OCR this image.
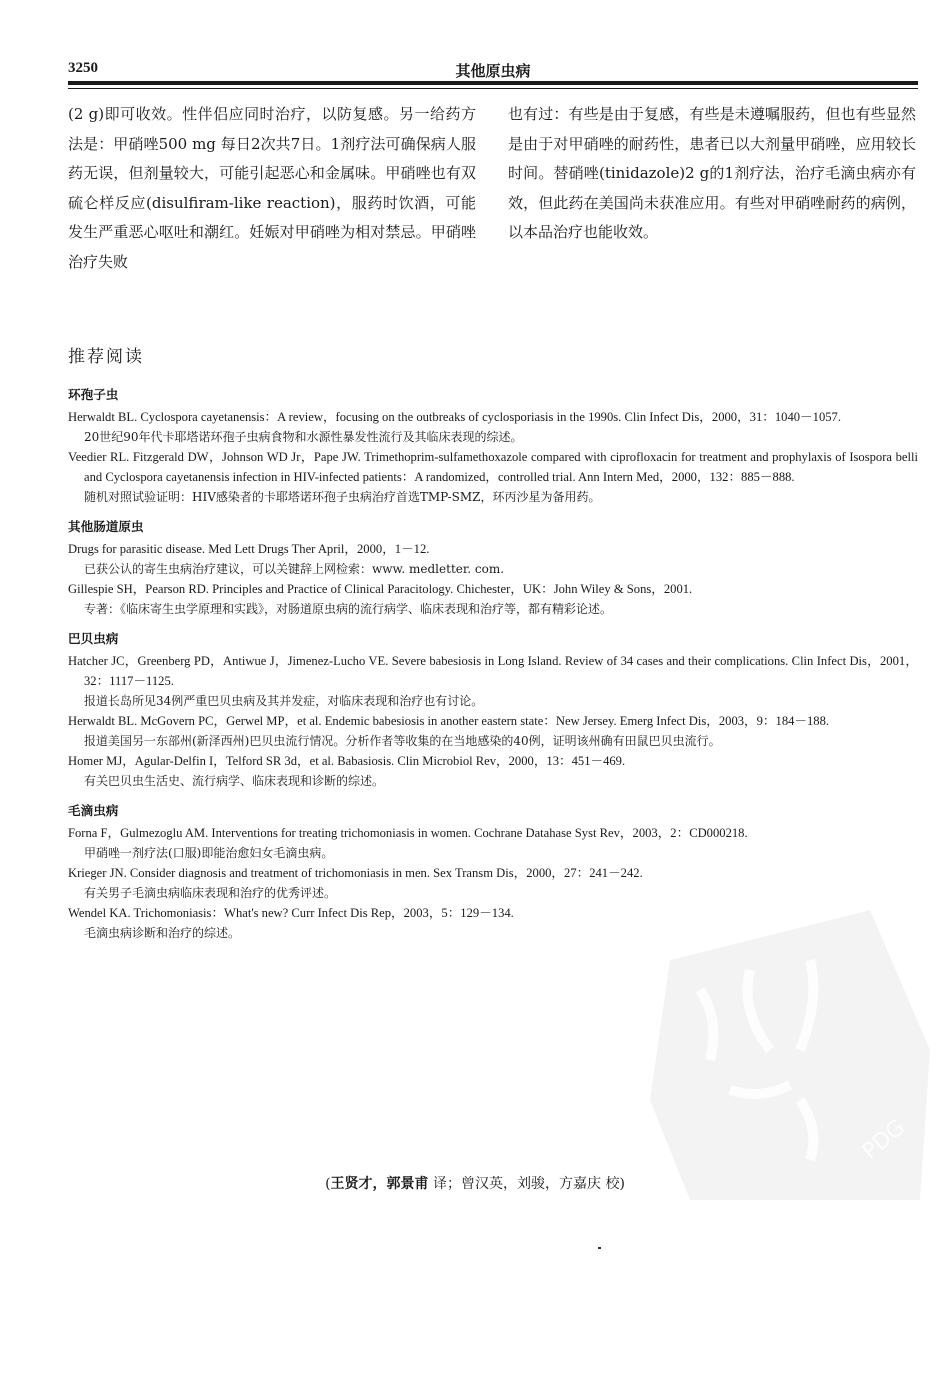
3250	其他原虫病
(2 g)即可收效。性伴侣应同时治疗，以防复感。另一给药方法是：甲硝唑500 mg 每日2次共7日。1剂疗法可确保病人服药无误，但剂量较大，可能引起恶心和金属味。甲硝唑也有双硫仑样反应(disulfiram-like reaction)，服药时饮酒，可能发生严重恶心呕吐和潮红。妊娠对甲硝唑为相对禁忌。甲硝唑治疗失败
也有过：有些是由于复感，有些是未遵嘱服药，但也有些显然是由于对甲硝唑的耐药性，患者已以大剂量甲硝唑，应用较长时间。替硝唑(tinidazole)2 g的1剂疗法，治疗毛滴虫病亦有效，但此药在美国尚未获准应用。有些对甲硝唑耐药的病例，以本品治疗也能收效。
推荐阅读
环孢子虫
Herwaldt BL. Cyclospora cayetanensis：A review，focusing on the outbreaks of cyclosporiasis in the 1990s. Clin Infect Dis，2000，31：1040－1057.
20世纪90年代卡耶塔诺环孢子虫病食物和水源性暴发性流行及其临床表现的综述。
Veedier RL. Fitzgerald DW，Johnson WD Jr，Pape JW. Trimethoprim-sulfamethoxazole compared with ciprofloxacin for treatment and prophylaxis of Isospora belli and Cyclospora cayetanensis infection in HIV-infected patients：A randomized，controlled trial. Ann Intern Med，2000，132：885－888.
随机对照试验证明：HIV感染者的卡耶塔诺环孢子虫病治疗首选TMP-SMZ，环丙沙星为备用药。
其他肠道原虫
Drugs for parasitic disease. Med Lett Drugs Ther April，2000，1－12.
已获公认的寄生虫病治疗建议，可以关键辞上网检索：www. medletter. com.
Gillespie SH，Pearson RD. Principles and Practice of Clinical Paracitology. Chichester，UK：John Wiley & Sons，2001.
专著：《临床寄生虫学原理和实践》，对肠道原虫病的流行病学、临床表现和治疗等，都有精彩论述。
巴贝虫病
Hatcher JC，Greenberg PD，Antiwue J，Jimenez-Lucho VE. Severe babesiosis in Long Island. Review of 34 cases and their complications. Clin Infect Dis，2001，32：1117－1125.
报道长岛所见34例严重巴贝虫病及其并发症，对临床表现和治疗也有讨论。
Herwaldt BL. McGovern PC，Gerwel MP，et al. Endemic babesiosis in another eastern state：New Jersey. Emerg Infect Dis，2003，9：184－188.
报道美国另一东部州(新泽西州)巴贝虫流行情况。分析作者等收集的在当地感染的40例，证明该州确有田鼠巴贝虫流行。
Homer MJ，Agular-Delfin I，Telford SR 3d，et al. Babasiosis. Clin Microbiol Rev，2000，13：451－469.
有关巴贝虫生活史、流行病学、临床表现和诊断的综述。
毛滴虫病
Forna F，Gulmezoglu AM. Interventions for treating trichomoniasis in women. Cochrane Datahase Syst Rev，2003，2：CD000218.
甲硝唑一剂疗法(口服)即能治愈妇女毛滴虫病。
Krieger JN. Consider diagnosis and treatment of trichomoniasis in men. Sex Transm Dis，2000，27：241－242.
有关男子毛滴虫病临床表现和治疗的优秀评述。
Wendel KA. Trichomoniasis：What's new? Curr Infect Dis Rep，2003，5：129－134.
毛滴虫病诊断和治疗的综述。
(王贤才，郭景甫 译；曾汉英，刘骏，方嘉庆 校)
PDG
